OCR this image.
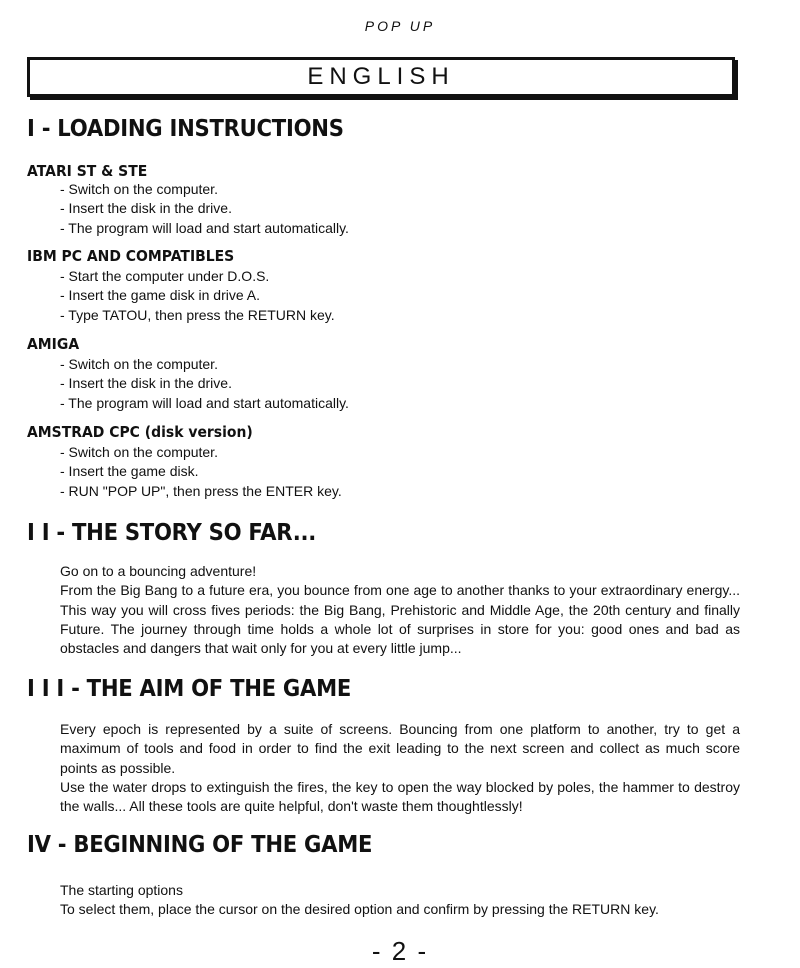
POP UP
ENGLISH
I - LOADING INSTRUCTIONS
ATARI ST & STE
- Switch on the computer.
- Insert the disk in the drive.
- The program will load and start automatically.
IBM PC AND COMPATIBLES
- Start the computer under D.O.S.
- Insert the game disk in drive A.
- Type TATOU, then press the RETURN key.
AMIGA
- Switch on the computer.
- Insert the disk in the drive.
- The program will load and start automatically.
AMSTRAD CPC (disk version)
- Switch on the computer.
- Insert the game disk.
- RUN "POP UP", then press the ENTER key.
I I - THE STORY SO FAR...

Go on to a bouncing adventure!

From the Big Bang to a future era, you bounce from one age to another thanks to your extraordinary energy... This way you will cross fives periods: the Big Bang, Prehistoric and Middle Age, the 20th century and finally Future. The journey through time holds a whole lot of surprises in store for you: good ones and bad as obstacles and dangers that wait only for you at every little jump...

I I I - THE AIM OF THE GAME

Every epoch is represented by a suite of screens. Bouncing from one platform to another, try to get a maximum of tools and food in order to find the exit leading to the next screen and collect as much score points as possible.

Use the water drops to extinguish the fires, the key to open the way blocked by poles, the hammer to destroy the walls... All these tools are quite helpful, don't waste them thoughtlessly!

IV - BEGINNING OF THE GAME

The starting options

To select them, place the cursor on the desired option and confirm by pressing the RETURN key.

- 2 -
